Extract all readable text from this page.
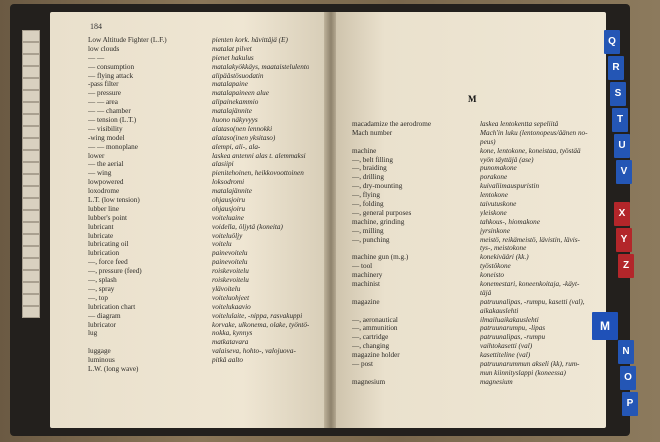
184
Low Altitude Fighter (L.F.)
low clouds
— —
— consumption
— flying attack
-pass filter
— pressure
— — area
— — chamber
— tension (L.T.)
— visibility
-wing model
— — monoplane
lower
— the aerial
— wing
lowpowered
loxodrome
L.T. (low tension)
lubber line
lubber's point
lubricant
lubricate
lubricating oil
lubrication
—, force feed
—, pressure (feed)
—, splash
—, spray
—, top
lubrication chart
— diagram
lubricator
lug
luggage
luminous
L.W. (long wave)
pienten kork. hävittäjä (E)
matalat pilvet
pienet hakulus
matalakyökkäys, maataistelulento
alipäästösuodatin
matalapaine
matalapaineen alue
alipainekammio
matalajännite
huono näkyvyys
alataso(nen lennokki
alataso(inen yksitaso)
alempi, ali-, ala-
laskea antenni alas t. alemmaksi
alasiipi
pienitehoinen, heikkovoottoinen
loksodromi
matalajännite
ohjausjoiru
ohjausjoiru
voiteluaine
voidella, öljytä (koneita)
voiteluöljy
voitelu
painevoitelu
painevoitelu
roiskevoitelu
roiskevoitelu
ylävoitelu
voiteluohjeet
voitelukaavio
voitelulaite, -nippa, rasvakuppi
korvake, ulkonema, olake, työntö-
nokka, kynnys
matkatavara
valaiseva, hohto-, valojuova-
pitkä aalto
M
macadamize the aerodrome
Mach number
machine
—, belt filling
—, braiding
—, drilling
—, dry-mounting
—, flying
—, folding
—, general purposes
machine, grinding
—, milling
—, punching
machine gun (m.g.)
— tool
machinery
machinist
magazine
—, aeronautical
—, ammunition
—, cartridge
—, changing
magazine holder
— post
magnesium
laskea lentokentta sepeliitä
Mach'in luku (lentonopeus/äänen no-
peus)
kone, lentokone, koneistaa, työstää
vyön täyttäjä (ase)
punomakone
porakone
kuivaliimauspuristin
lentokone
taivutuskone
yleiskone
tahkous-, hiomakone
jyrsinkone
meistö, reikämeistö, lävistin, lävis-
tys-, meistokone
konekivääri (kk.)
työstökone
koneisto
konemestari, koneenkoitaja, -käyt-
täjä
patruunalipas, -rumpu, kasetti (val),
aikakauslehti
ilmailuaikakauslehti
patruunarumpu, -lipas
patruunalipas, -rumpu
vaihtokasetti (val)
kasettiteline (val)
patruunarummun akseli (kk), rum-
mun kiinnityslappi (koneessa)
magnesium
Q
R
S
T
U
V
X
Y
Z
M
N
O
P
